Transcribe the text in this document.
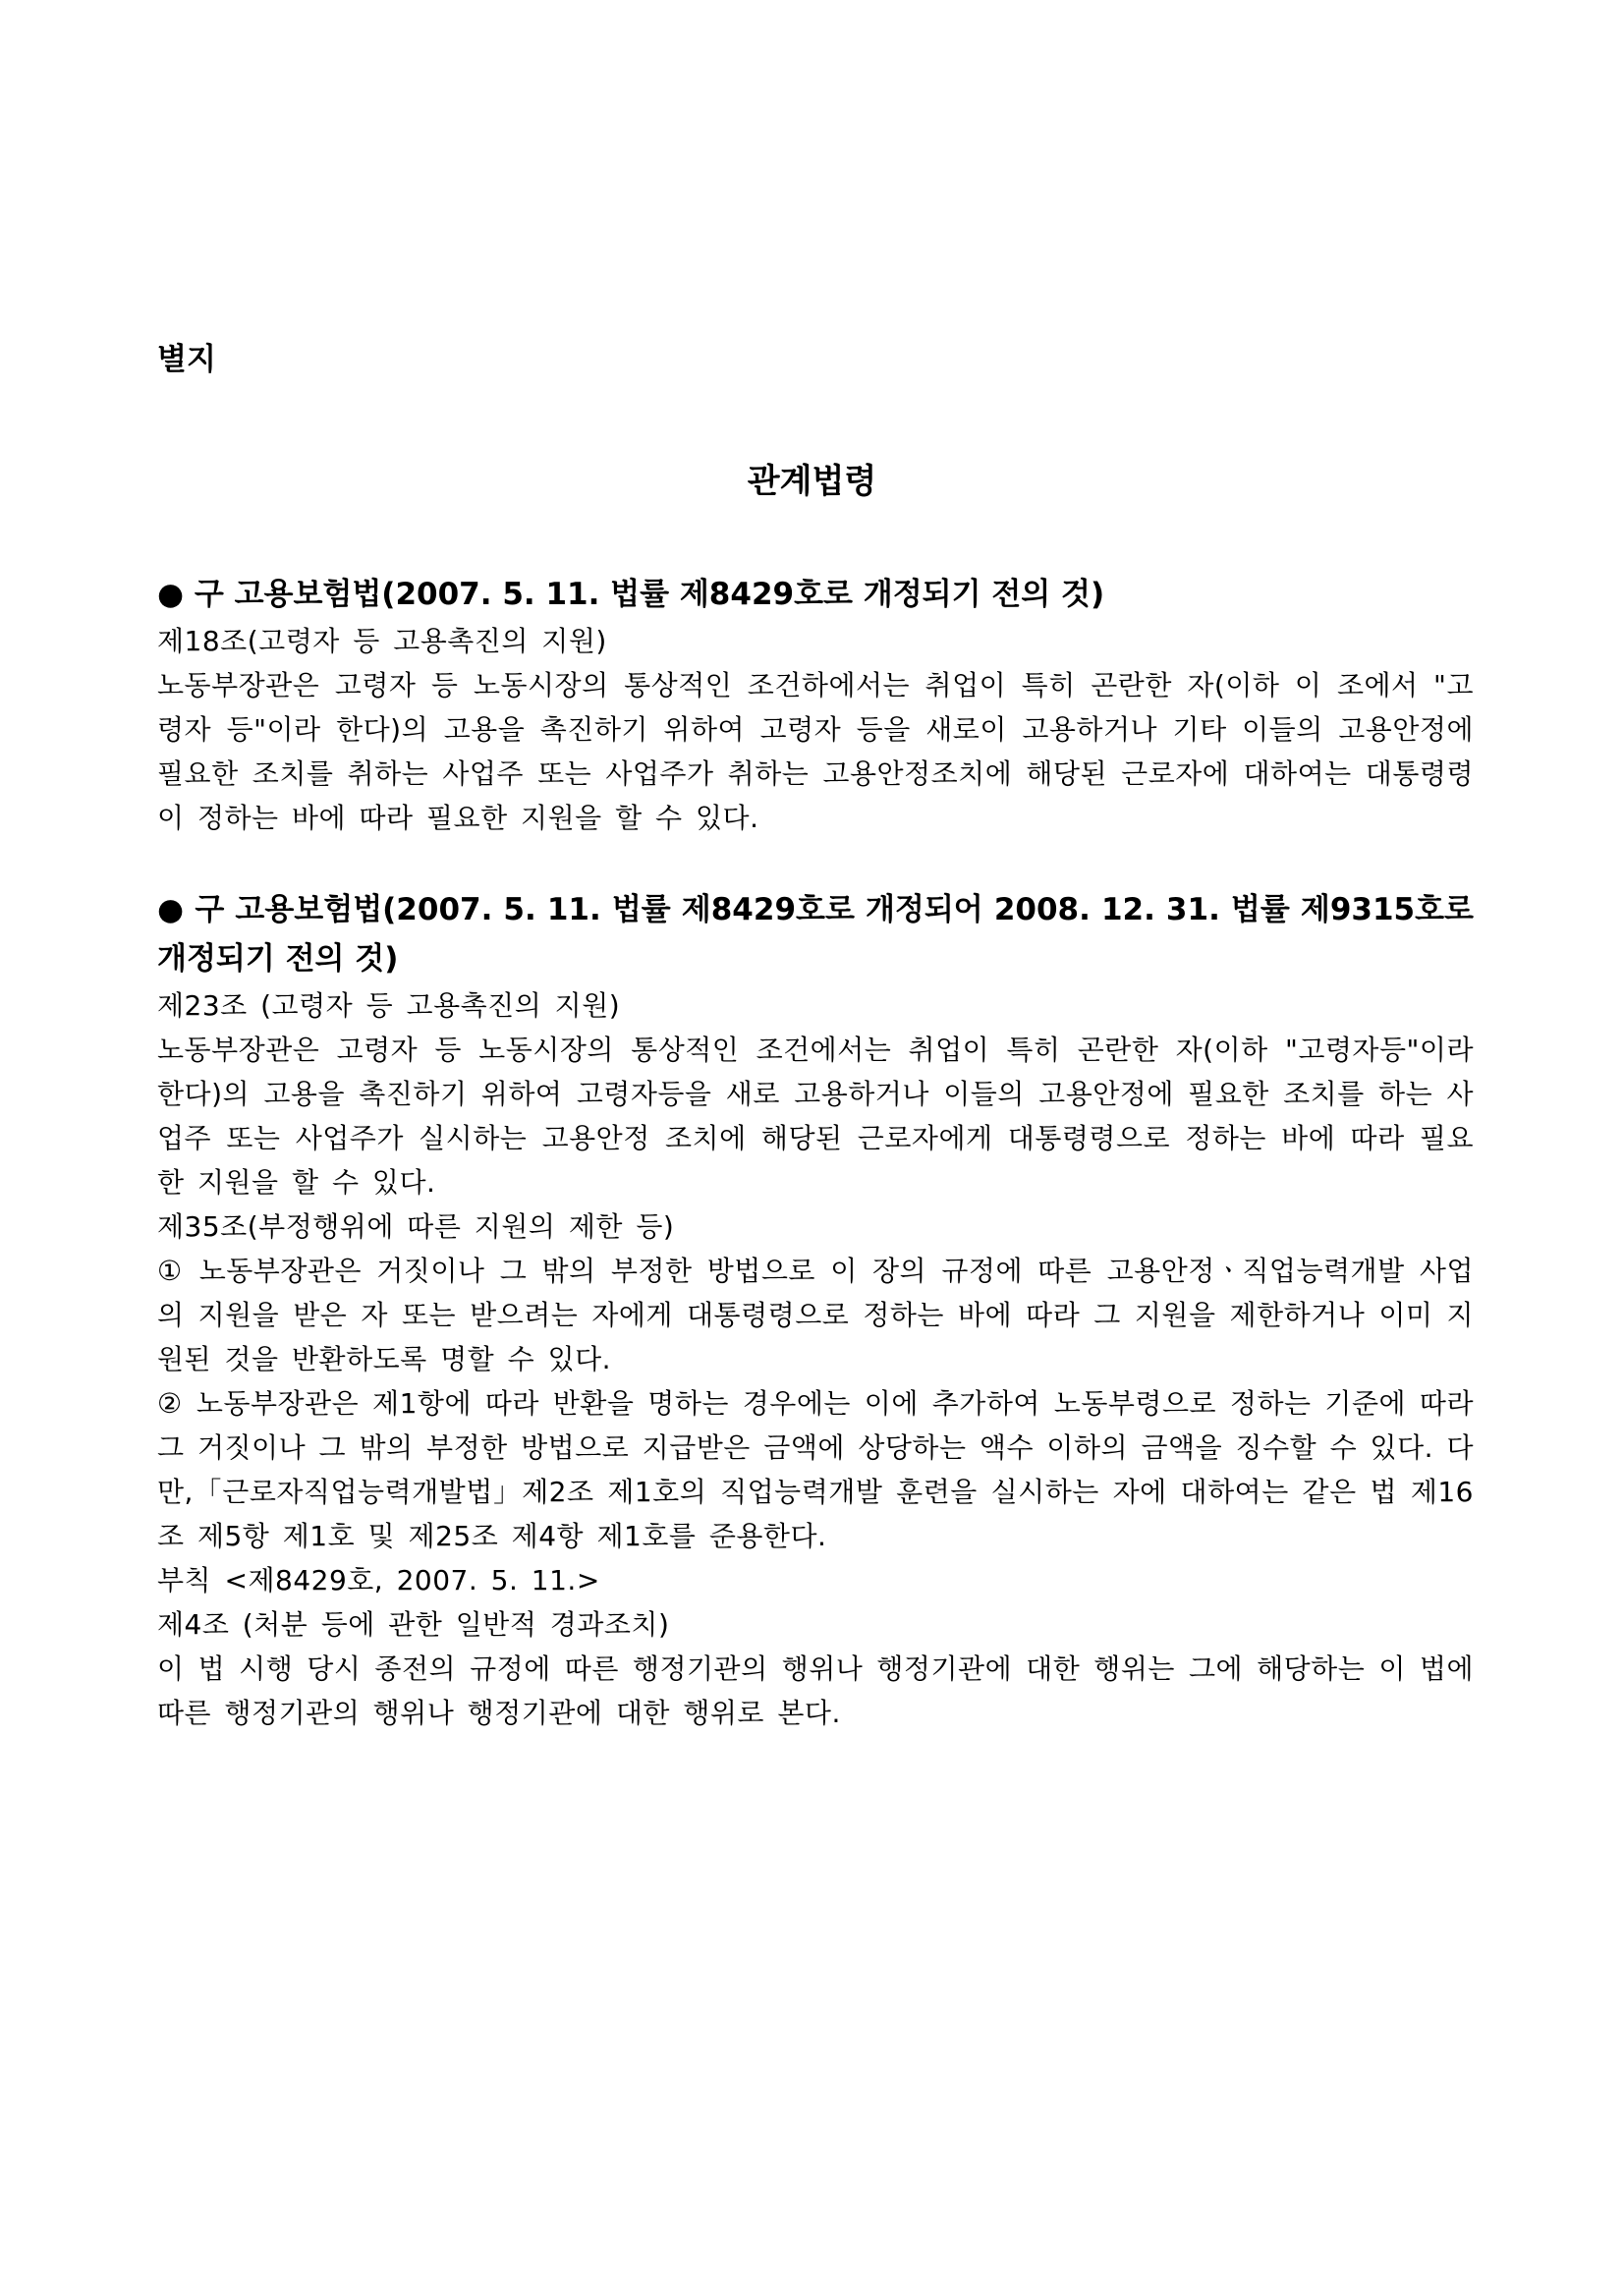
별지

관계법령

● 구 고용보험법(2007. 5. 11. 법률 제8429호로 개정되기 전의 것)

제18조(고령자 등 고용촉진의 지원)

노동부장관은 고령자 등 노동시장의 통상적인 조건하에서는 취업이 특히 곤란한 자(이하 이 조에서 "고령자 등"이라 한다)의 고용을 촉진하기 위하여 고령자 등을 새로이 고용하거나 기타 이들의 고용안정에 필요한 조치를 취하는 사업주 또는 사업주가 취하는 고용안정조치에 해당된 근로자에 대하여는 대통령령이 정하는 바에 따라 필요한 지원을 할 수 있다.

● 구 고용보험법(2007. 5. 11. 법률 제8429호로 개정되어 2008. 12. 31. 법률 제9315호로 개정되기 전의 것)

제23조 (고령자 등 고용촉진의 지원)

노동부장관은 고령자 등 노동시장의 통상적인 조건에서는 취업이 특히 곤란한 자(이하 "고령자등"이라 한다)의 고용을 촉진하기 위하여 고령자등을 새로 고용하거나 이들의 고용안정에 필요한 조치를 하는 사업주 또는 사업주가 실시하는 고용안정 조치에 해당된 근로자에게 대통령령으로 정하는 바에 따라 필요한 지원을 할 수 있다.

제35조(부정행위에 따른 지원의 제한 등)

① 노동부장관은 거짓이나 그 밖의 부정한 방법으로 이 장의 규정에 따른 고용안정ㆍ직업능력개발 사업의 지원을 받은 자 또는 받으려는 자에게 대통령령으로 정하는 바에 따라 그 지원을 제한하거나 이미 지원된 것을 반환하도록 명할 수 있다.

② 노동부장관은 제1항에 따라 반환을 명하는 경우에는 이에 추가하여 노동부령으로 정하는 기준에 따라 그 거짓이나 그 밖의 부정한 방법으로 지급받은 금액에 상당하는 액수 이하의 금액을 징수할 수 있다. 다만,「근로자직업능력개발법」제2조 제1호의 직업능력개발 훈련을 실시하는 자에 대하여는 같은 법 제16조 제5항 제1호 및 제25조 제4항 제1호를 준용한다.

부칙 <제8429호, 2007. 5. 11.>

제4조 (처분 등에 관한 일반적 경과조치)

이 법 시행 당시 종전의 규정에 따른 행정기관의 행위나 행정기관에 대한 행위는 그에 해당하는 이 법에 따른 행정기관의 행위나 행정기관에 대한 행위로 본다.
